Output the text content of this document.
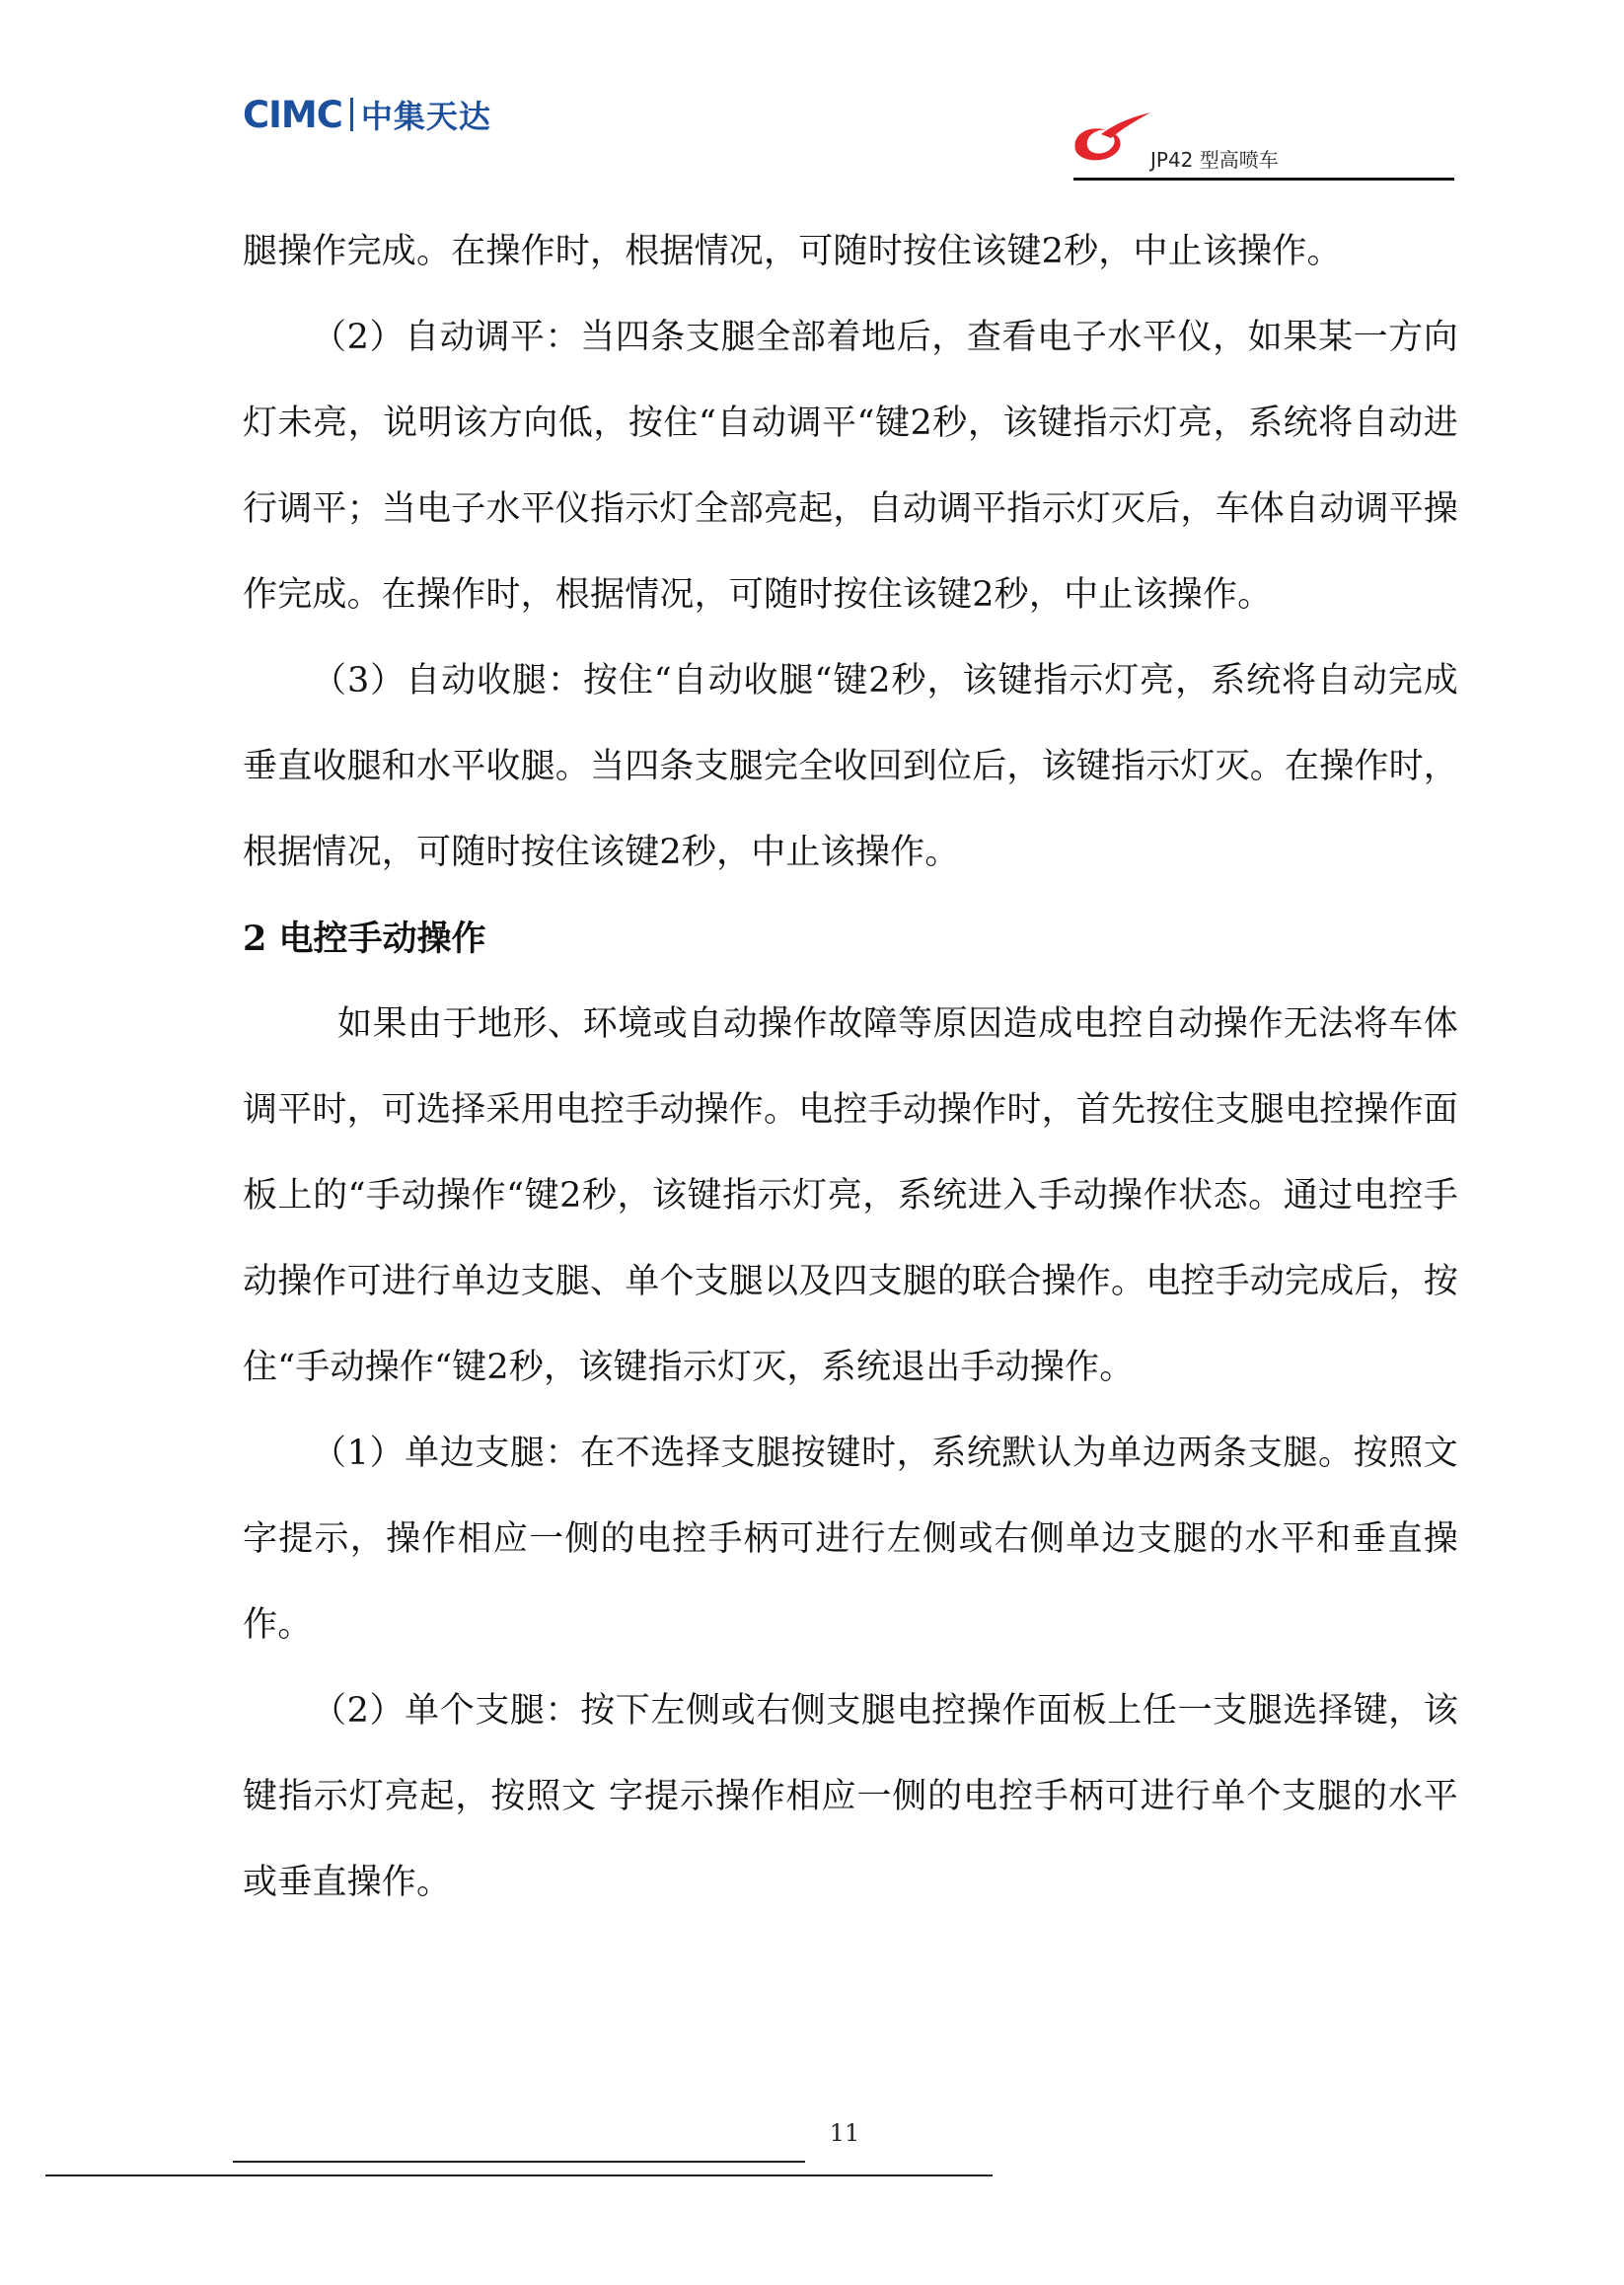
CIMC 中集天达
JP42 型高喷车

腿操作完成。在操作时，根据情况，可随时按住该键2秒，中止该操作。

（2）自动调平：当四条支腿全部着地后，查看电子水平仪，如果某一方向灯未亮，说明该方向低，按住“自动调平“键2秒，该键指示灯亮，系统将自动进行调平；当电子水平仪指示灯全部亮起，自动调平指示灯灭后，车体自动调平操作完成。在操作时，根据情况，可随时按住该键2秒，中止该操作。

（3）自动收腿：按住“自动收腿“键2秒，该键指示灯亮，系统将自动完成垂直收腿和水平收腿。当四条支腿完全收回到位后，该键指示灯灭。在操作时，根据情况，可随时按住该键2秒，中止该操作。

2 电控手动操作

如果由于地形、环境或自动操作故障等原因造成电控自动操作无法将车体调平时，可选择采用电控手动操作。电控手动操作时，首先按住支腿电控操作面板上的“手动操作“键2秒，该键指示灯亮，系统进入手动操作状态。通过电控手动操作可进行单边支腿、单个支腿以及四支腿的联合操作。电控手动完成后，按住“手动操作“键2秒，该键指示灯灭，系统退出手动操作。

（1）单边支腿：在不选择支腿按键时，系统默认为单边两条支腿。按照文字提示，操作相应一侧的电控手柄可进行左侧或右侧单边支腿的水平和垂直操作。

（2）单个支腿：按下左侧或右侧支腿电控操作面板上任一支腿选择键，该键指示灯亮起，按照文 字提示操作相应一侧的电控手柄可进行单个支腿的水平或垂直操作。

11
